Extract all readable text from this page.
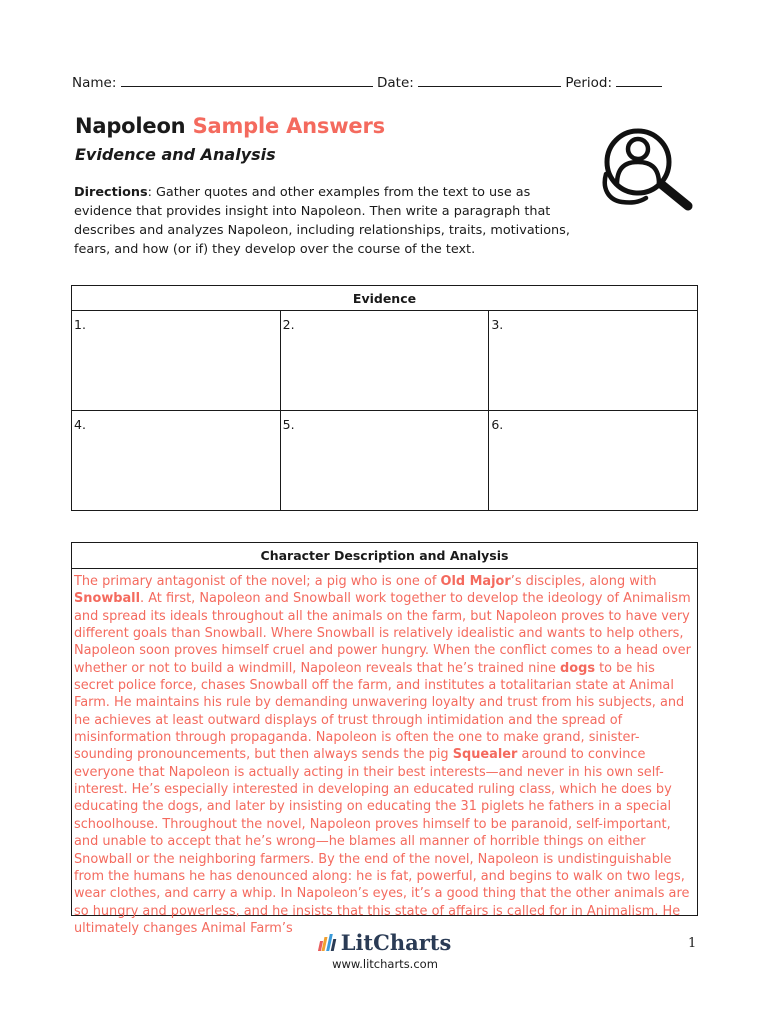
Name:	Date:	Period:
Napoleon Sample Answers
Evidence and Analysis
Directions: Gather quotes and other examples from the text to use as evidence that provides insight into Napoleon. Then write a paragraph that describes and analyzes Napoleon, including relationships, traits, motivations, fears, and how (or if) they develop over the course of the text.
Evidence		
1.	2.	3.
4.	5.	6.
Character Description and Analysis

The primary antagonist of the novel; a pig who is one of Old Major’s disciples, along with Snowball. At first, Napoleon and Snowball work together to develop the ideology of Animalism and spread its ideals throughout all the animals on the farm, but Napoleon proves to have very different goals than Snowball. Where Snowball is relatively idealistic and wants to help others, Napoleon soon proves himself cruel and power hungry. When the conflict comes to a head over whether or not to build a windmill, Napoleon reveals that he’s trained nine dogs to be his secret police force, chases Snowball off the farm, and institutes a totalitarian state at Animal Farm. He maintains his rule by demanding unwavering loyalty and trust from his subjects, and he achieves at least outward displays of trust through intimidation and the spread of misinformation through propaganda. Napoleon is often the one to make grand, sinister-sounding pronouncements, but then always sends the pig Squealer around to convince everyone that Napoleon is actually acting in their best interests—and never in his own self-interest. He’s especially interested in developing an educated ruling class, which he does by educating the dogs, and later by insisting on educating the 31 piglets he fathers in a special schoolhouse. Throughout the novel, Napoleon proves himself to be paranoid, self-important, and unable to accept that he’s wrong—he blames all manner of horrible things on either Snowball or the neighboring farmers. By the end of the novel, Napoleon is undistinguishable from the humans he has denounced along: he is fat, powerful, and begins to walk on two legs, wear clothes, and carry a whip. In Napoleon’s eyes, it’s a good thing that the other animals are so hungry and powerless, and he insists that this state of affairs is called for in Animalism. He ultimately changes Animal Farm’s
LitCharts
www.litcharts.com
1
